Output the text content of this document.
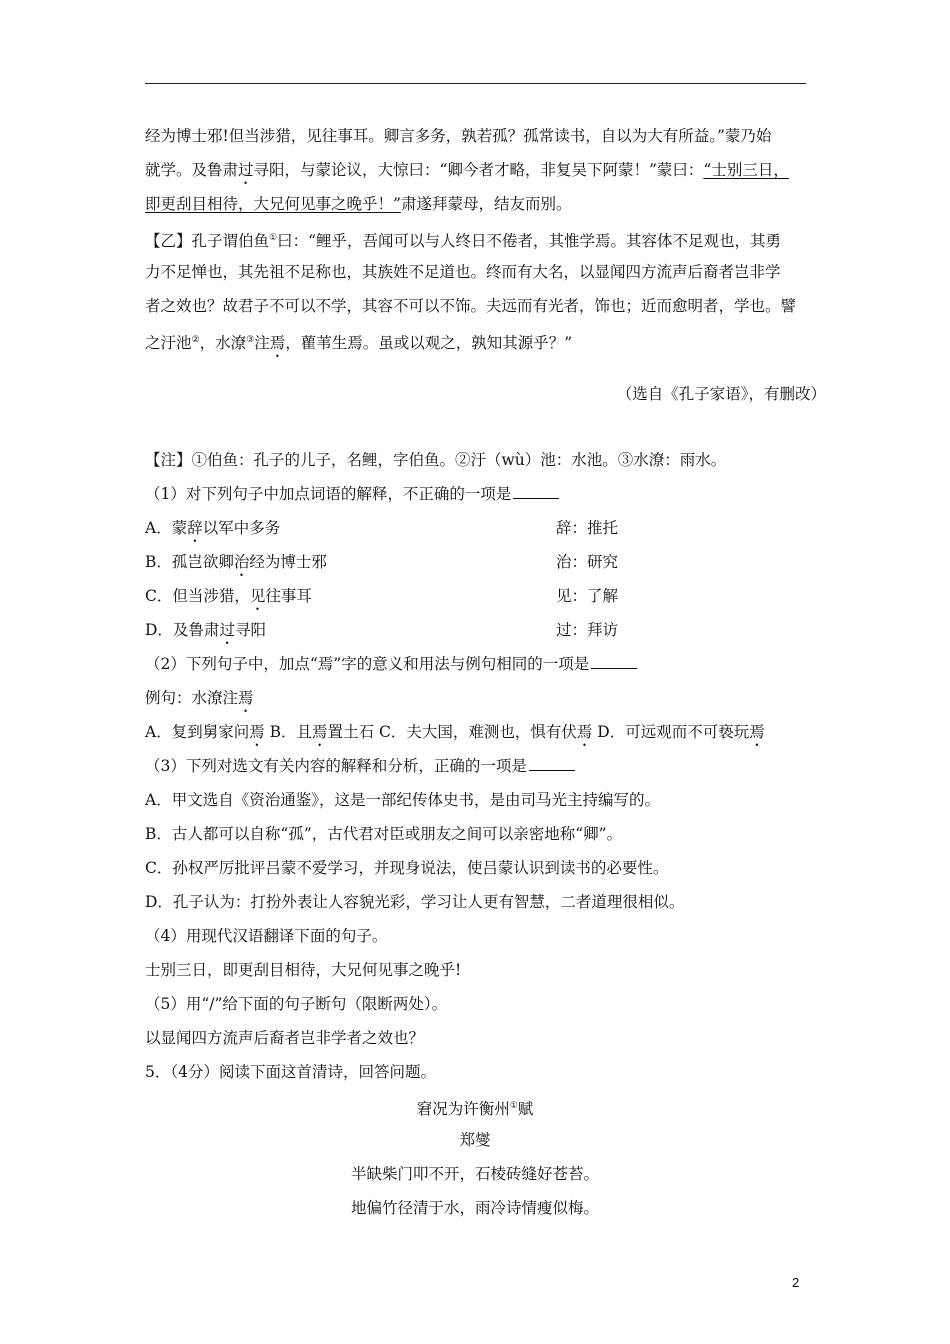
经为博士邪!但当涉猎，见往事耳。卿言多务，孰若孤？孤常读书，自以为大有所益。”蒙乃始
就学。及鲁肃过寻阳，与蒙论议，大惊曰：“卿今者才略，非复吴下阿蒙！”蒙曰：“士别三日，
即更刮目相待，大兄何见事之晚乎！”肃遂拜蒙母，结友而别。
【乙】孔子谓伯鱼①曰：“鲤乎，吾闻可以与人终日不倦者，其惟学焉。其容体不足观也，其勇
力不足惮也，其先祖不足称也，其族姓不足道也。终而有大名，以显闻四方流声后裔者岂非学
者之效也？故君子不可以不学，其容不可以不饰。夫远而有光者，饰也；近而愈明者，学也。譬
之汙池②，水潦③注焉，雚苇生焉。虽或以观之，孰知其源乎？”
（选自《孔子家语》，有删改）
【注】①伯鱼：孔子的儿子，名鲤，字伯鱼。②汙（wù）池：水池。③水潦：雨水。
（1）对下列句子中加点词语的解释，不正确的一项是
A．蒙辞以军中多务	辞：推托
B．孤岂欲卿治经为博士邪	治：研究
C．但当涉猎，见往事耳	见：了解
D．及鲁肃过寻阳	过：拜访
（2）下列句子中，加点“焉”字的意义和用法与例句相同的一项是
例句：水潦注焉
A．复到舅家问焉 B．且焉置土石 C．夫大国，难测也，惧有伏焉 D．可远观而不可亵玩焉
（3）下列对选文有关内容的解释和分析，正确的一项是
A．甲文选自《资治通鉴》，这是一部纪传体史书，是由司马光主持编写的。
B．古人都可以自称“孤”，古代君对臣或朋友之间可以亲密地称“卿”。
C．孙权严厉批评吕蒙不爱学习，并现身说法，使吕蒙认识到读书的必要性。
D．孔子认为：打扮外表让人容貌光彩，学习让人更有智慧，二者道理很相似。
（4）用现代汉语翻译下面的句子。
士别三日，即更刮目相待，大兄何见事之晚乎!
（5）用“/”给下面的句子断句（限断两处）。
以显闻四方流声后裔者岂非学者之效也？
5．（4分）阅读下面这首清诗，回答问题。
窘况为许衡州①赋
郑燮
半缺柴门叩不开，石棱砖缝好苍苔。
地偏竹径清于水，雨冷诗情瘦似梅。
2
